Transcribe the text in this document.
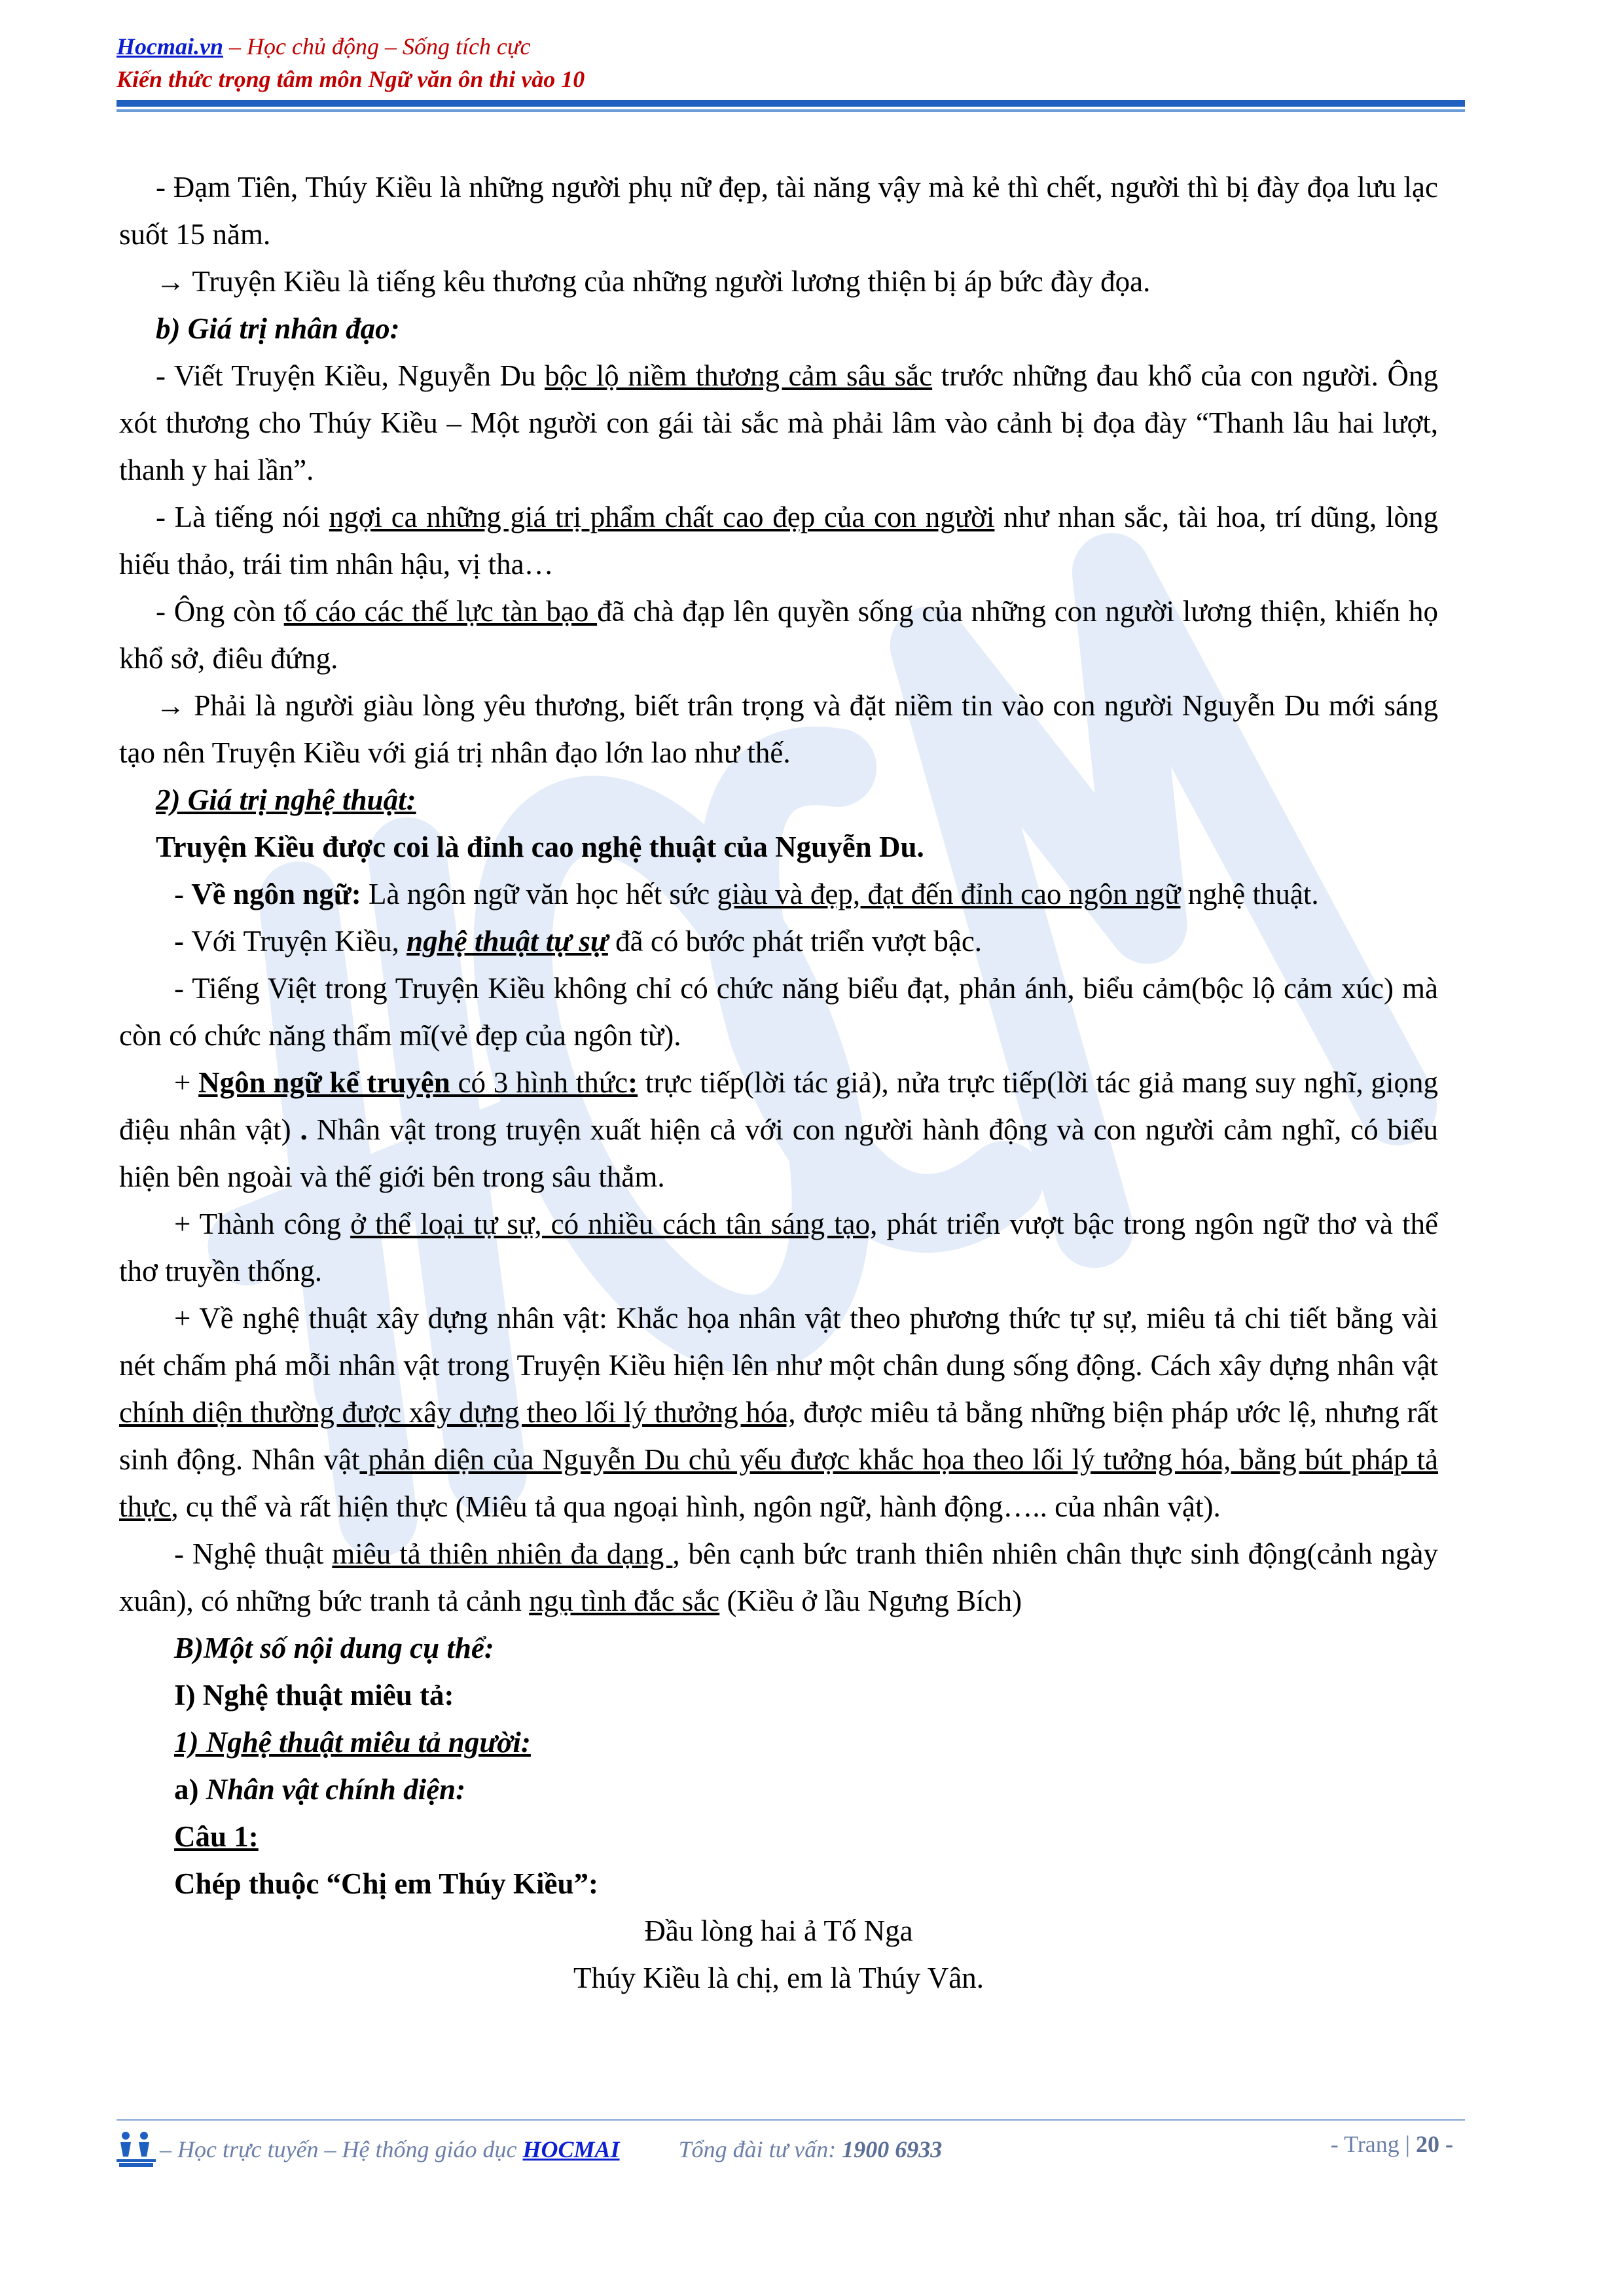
Hocmai.vn – Học chủ động – Sống tích cực
Kiến thức trọng tâm môn Ngữ văn ôn thi vào 10

- Đạm Tiên, Thúy Kiều là những người phụ nữ đẹp, tài năng vậy mà kẻ thì chết, người thì bị đày đọa lưu lạc suốt 15 năm.

→ Truyện Kiều là tiếng kêu thương của những người lương thiện bị áp bức đày đọa.

b) Giá trị nhân đạo:

- Viết Truyện Kiều, Nguyễn Du bộc lộ niềm thương cảm sâu sắc trước những đau khổ của con người. Ông xót thương cho Thúy Kiều – Một người con gái tài sắc mà phải lâm vào cảnh bị đọa đày “Thanh lâu hai lượt, thanh y hai lần”.

- Là tiếng nói ngợi ca những giá trị phẩm chất cao đẹp của con người như nhan sắc, tài hoa, trí dũng, lòng hiếu thảo, trái tim nhân hậu, vị tha…

- Ông còn tố cáo các thế lực tàn bạo đã chà đạp lên quyền sống của những con người lương thiện, khiến họ khổ sở, điêu đứng.

→ Phải là người giàu lòng yêu thương, biết trân trọng và đặt niềm tin vào con người Nguyễn Du mới sáng tạo nên Truyện Kiều với giá trị nhân đạo lớn lao như thế.

2) Giá trị nghệ thuật:

Truyện Kiều được coi là đỉnh cao nghệ thuật của Nguyễn Du.

- Về ngôn ngữ: Là ngôn ngữ văn học hết sức giàu và đẹp, đạt đến đỉnh cao ngôn ngữ nghệ thuật.

- Với Truyện Kiều, nghệ thuật tự sự đã có bước phát triển vượt bậc.

- Tiếng Việt trong Truyện Kiều không chỉ có chức năng biểu đạt, phản ánh, biểu cảm(bộc lộ cảm xúc) mà còn có chức năng thẩm mĩ(vẻ đẹp của ngôn từ).

+ Ngôn ngữ kể truyện có 3 hình thức: trực tiếp(lời tác giả), nửa trực tiếp(lời tác giả mang suy nghĩ, giọng điệu nhân vật) . Nhân vật trong truyện xuất hiện cả với con người hành động và con người cảm nghĩ, có biểu hiện bên ngoài và thế giới bên trong sâu thẳm.

+ Thành công ở thể loại tự sự, có nhiều cách tân sáng tạo, phát triển vượt bậc trong ngôn ngữ thơ và thể thơ truyền thống.

+ Về nghệ thuật xây dựng nhân vật: Khắc họa nhân vật theo phương thức tự sự, miêu tả chi tiết bằng vài nét chấm phá mỗi nhân vật trong Truyện Kiều hiện lên như một chân dung sống động. Cách xây dựng nhân vật chính diện thường được xây dựng theo lối lý thưởng hóa, được miêu tả bằng những biện pháp ước lệ, nhưng rất sinh động. Nhân vật phản diện của Nguyễn Du chủ yếu được khắc họa theo lối lý tưởng hóa, bằng bút pháp tả thực, cụ thể và rất hiện thực (Miêu tả qua ngoại hình, ngôn ngữ, hành động….. của nhân vật).

- Nghệ thuật miêu tả thiên nhiên đa dạng , bên cạnh bức tranh thiên nhiên chân thực sinh động(cảnh ngày xuân), có những bức tranh tả cảnh ngụ tình đắc sắc (Kiều ở lầu Ngưng Bích)

B)Một số nội dung cụ thể:

I) Nghệ thuật miêu tả:

1) Nghệ thuật miêu tả người:

a) Nhân vật chính diện:

Câu 1:

Chép thuộc “Chị em Thúy Kiều”:

Đầu lòng hai ả Tố Nga

Thúy Kiều là chị, em là Thúy Vân.

– Học trực tuyến – Hệ thống giáo dục HOCMAI	Tổng đài tư vấn: 1900 6933	- Trang | 20 -
